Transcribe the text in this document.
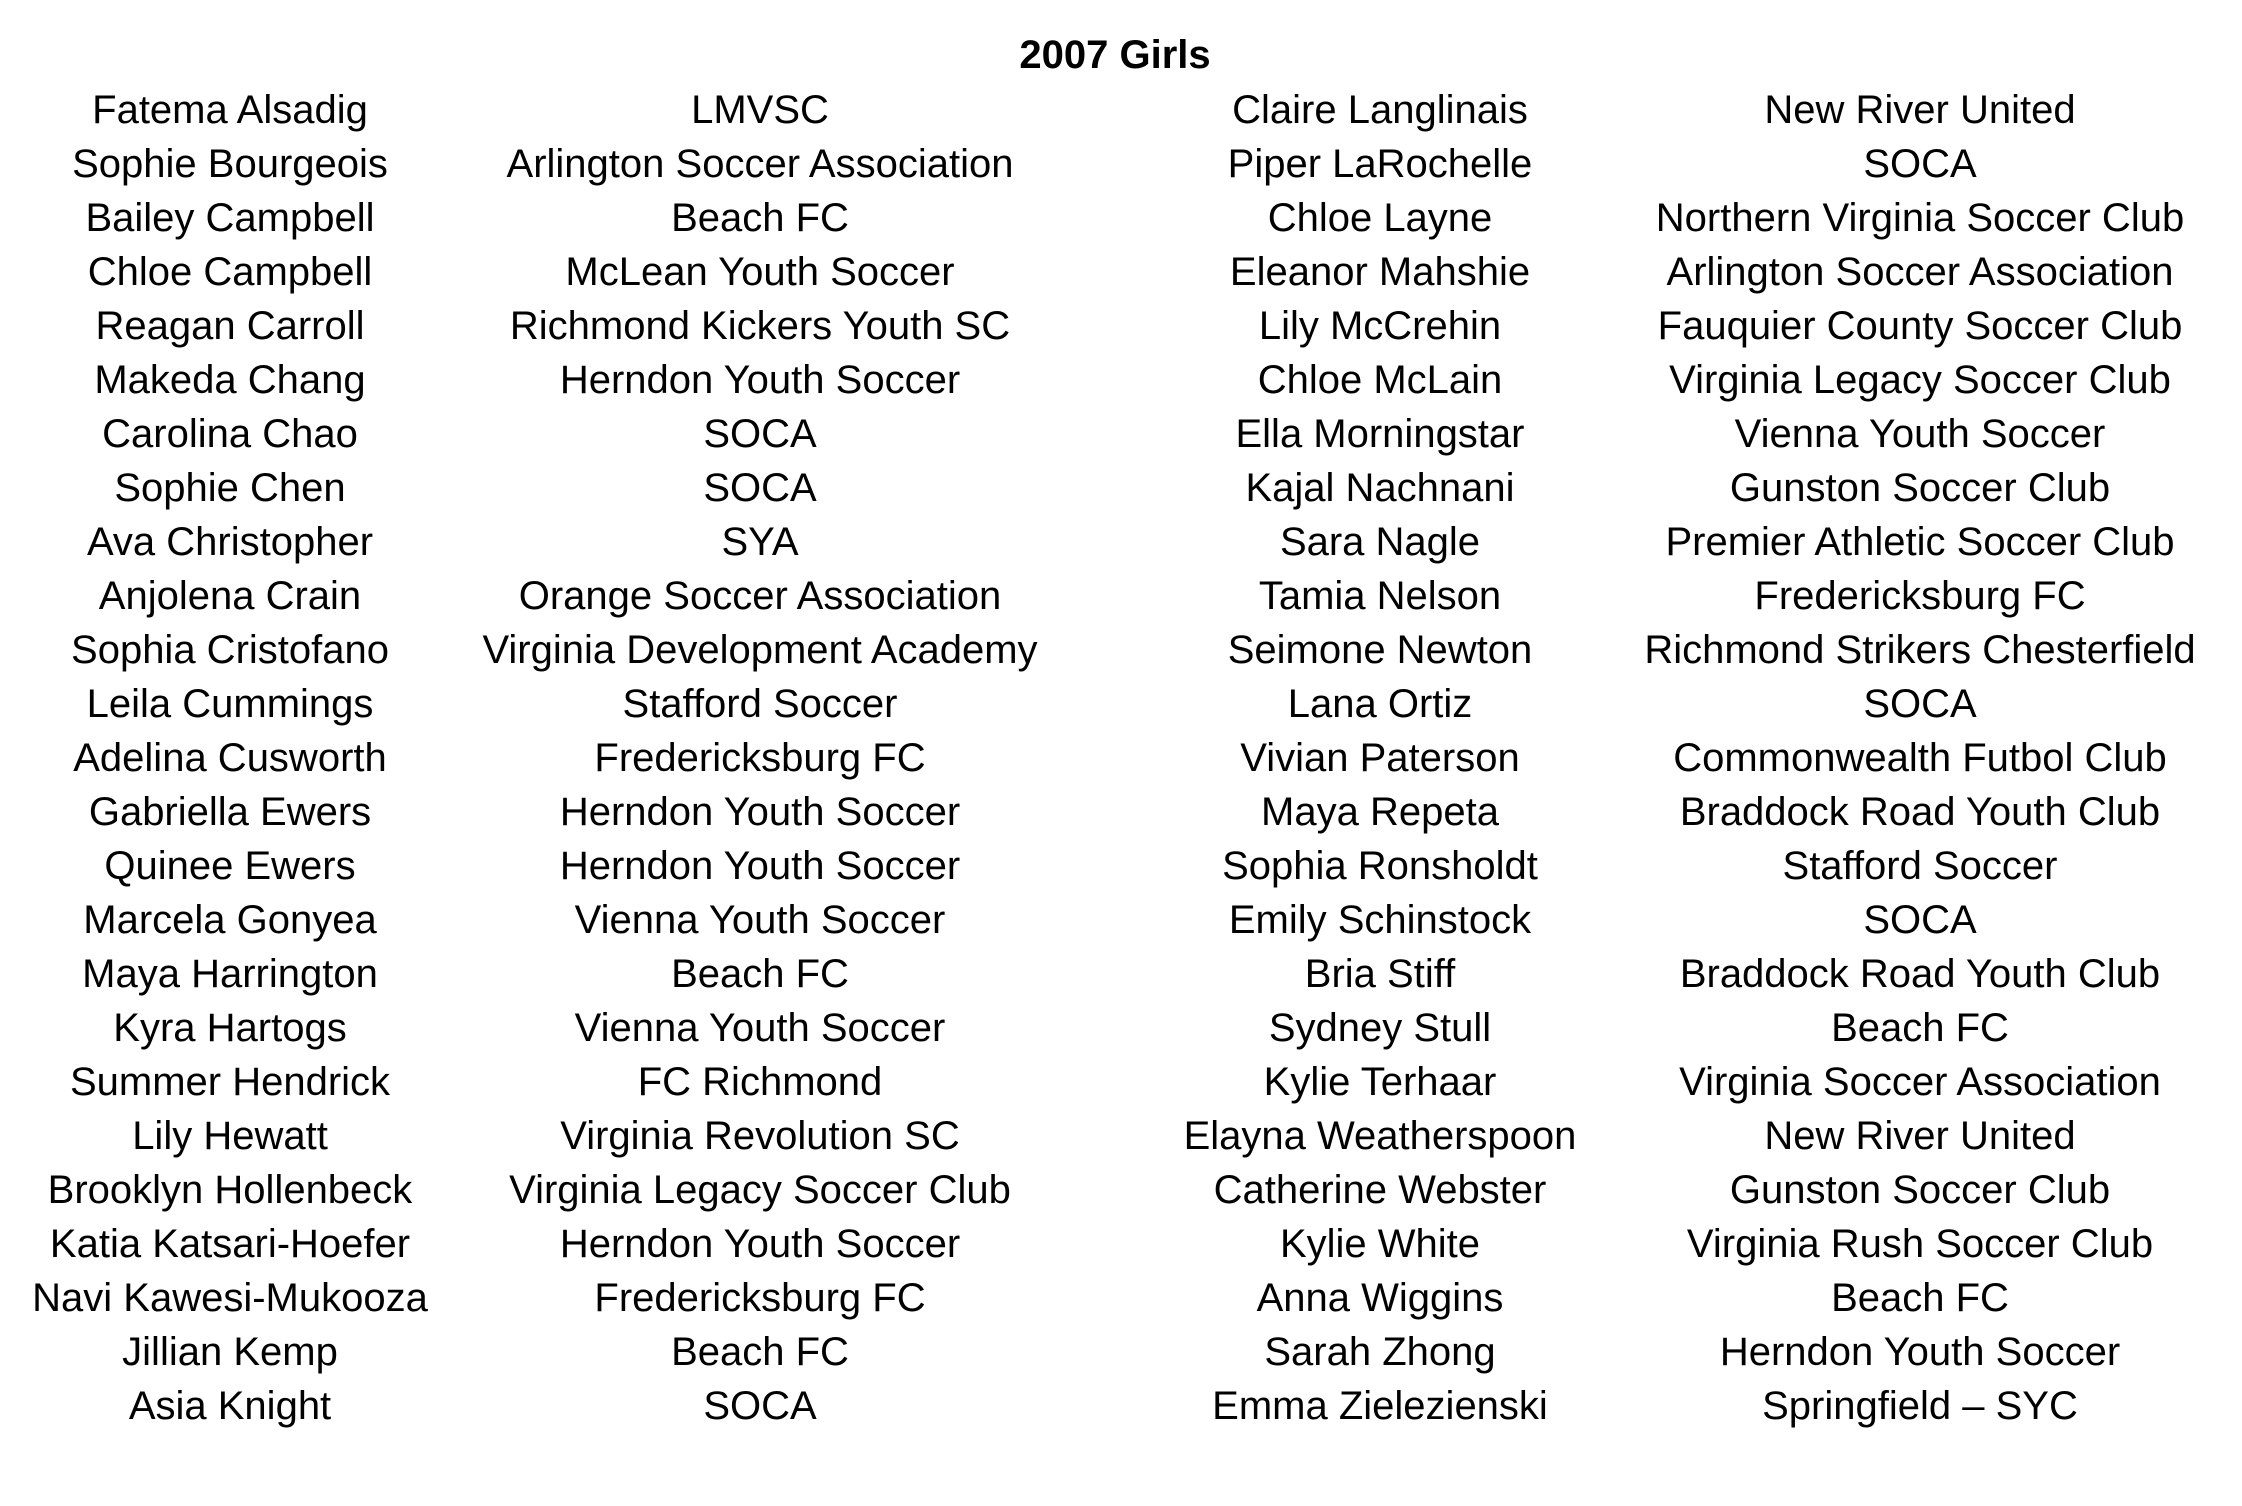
2007 Girls
Fatema Alsadig	LMVSC	Claire Langlinais	New River United
Sophie Bourgeois	Arlington Soccer Association	Piper LaRochelle	SOCA
Bailey Campbell	Beach FC	Chloe Layne	Northern Virginia Soccer Club
Chloe Campbell	McLean Youth Soccer	Eleanor Mahshie	Arlington Soccer Association
Reagan Carroll	Richmond Kickers Youth SC	Lily McCrehin	Fauquier County Soccer Club
Makeda Chang	Herndon Youth Soccer	Chloe McLain	Virginia Legacy Soccer Club
Carolina Chao	SOCA	Ella Morningstar	Vienna Youth Soccer
Sophie Chen	SOCA	Kajal Nachnani	Gunston Soccer Club
Ava Christopher	SYA	Sara Nagle	Premier Athletic Soccer Club
Anjolena Crain	Orange Soccer Association	Tamia Nelson	Fredericksburg FC
Sophia Cristofano	Virginia Development Academy	Seimone Newton	Richmond Strikers Chesterfield
Leila Cummings	Stafford Soccer	Lana Ortiz	SOCA
Adelina Cusworth	Fredericksburg FC	Vivian Paterson	Commonwealth Futbol Club
Gabriella Ewers	Herndon Youth Soccer	Maya Repeta	Braddock Road Youth Club
Quinee Ewers	Herndon Youth Soccer	Sophia Ronsholdt	Stafford Soccer
Marcela Gonyea	Vienna Youth Soccer	Emily Schinstock	SOCA
Maya Harrington	Beach FC	Bria Stiff	Braddock Road Youth Club
Kyra Hartogs	Vienna Youth Soccer	Sydney Stull	Beach FC
Summer Hendrick	FC Richmond	Kylie Terhaar	Virginia Soccer Association
Lily Hewatt	Virginia Revolution SC	Elayna Weatherspoon	New River United
Brooklyn Hollenbeck	Virginia Legacy Soccer Club	Catherine Webster	Gunston Soccer Club
Katia Katsari-Hoefer	Herndon Youth Soccer	Kylie White	Virginia Rush Soccer Club
Navi Kawesi-Mukooza	Fredericksburg FC	Anna Wiggins	Beach FC
Jillian Kemp	Beach FC	Sarah Zhong	Herndon Youth Soccer
Asia Knight	SOCA	Emma Zielezienski	Springfield – SYC
